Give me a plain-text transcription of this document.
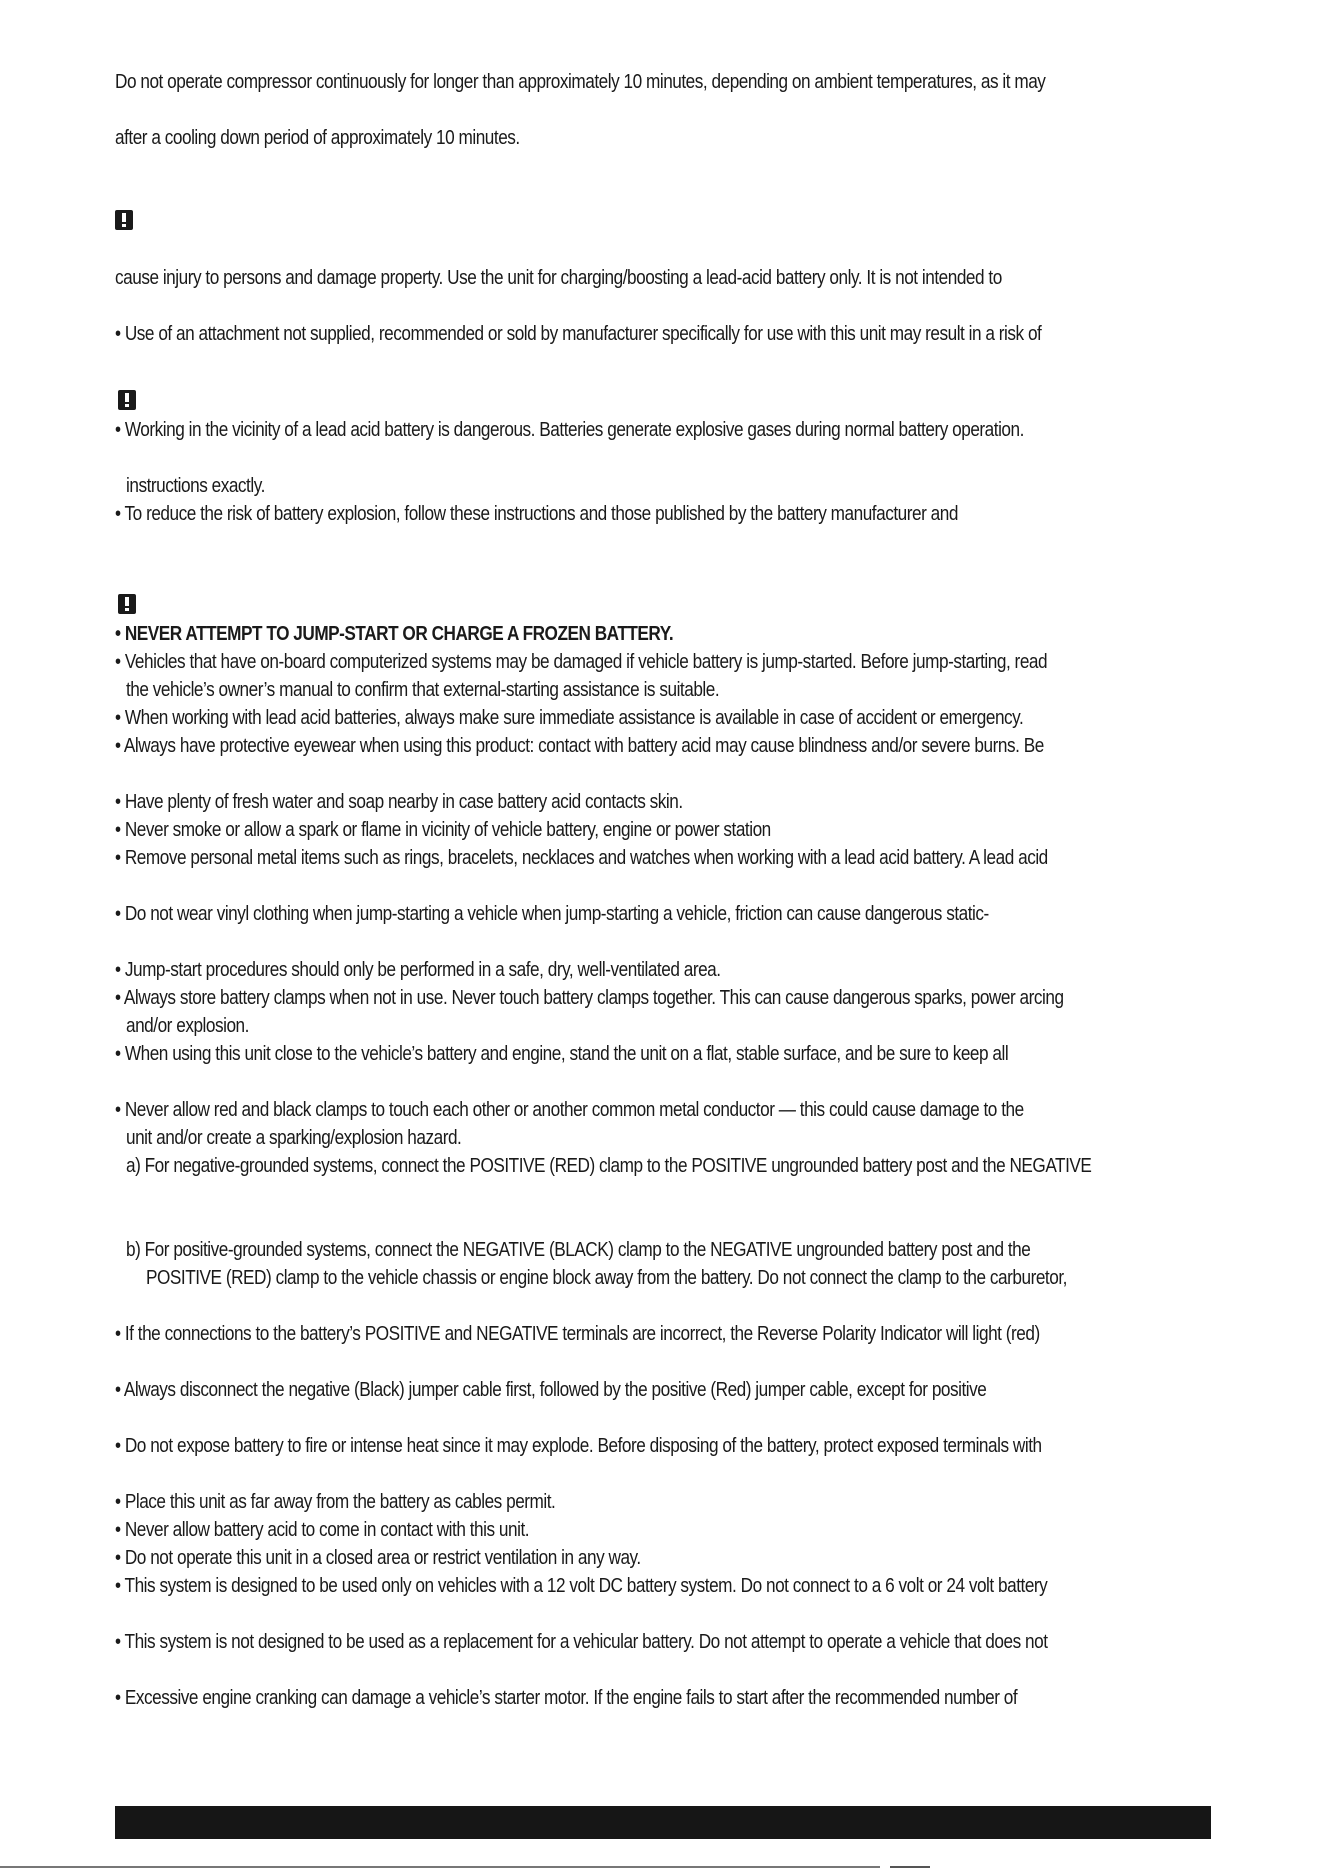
Do not operate compressor continuously for longer than approximately 10 minutes, depending on ambient temperatures, as it may

after a cooling down period of approximately 10 minutes.

cause injury to persons and damage property. Use the unit for charging/boosting a lead-acid battery only. It is not intended to

• Use of an attachment not supplied, recommended or sold by manufacturer specifically for use with this unit may result in a risk of

• Working in the vicinity of a lead acid battery is dangerous. Batteries generate explosive gases during normal battery operation.

instructions exactly.

• To reduce the risk of battery explosion, follow these instructions and those published by the battery manufacturer and

• NEVER ATTEMPT TO JUMP-START OR CHARGE A FROZEN BATTERY.

• Vehicles that have on-board computerized systems may be damaged if vehicle battery is jump-started. Before jump-starting, read

the vehicle’s owner’s manual to confirm that external-starting assistance is suitable.

• When working with lead acid batteries, always make sure immediate assistance is available in case of accident or emergency.

• Always have protective eyewear when using this product: contact with battery acid may cause blindness and/or severe burns. Be

• Have plenty of fresh water and soap nearby in case battery acid contacts skin.

• Never smoke or allow a spark or flame in vicinity of vehicle battery, engine or power station

• Remove personal metal items such as rings, bracelets, necklaces and watches when working with a lead acid battery. A lead acid

• Do not wear vinyl clothing when jump-starting a vehicle when jump-starting a vehicle, friction can cause dangerous static-

• Jump-start procedures should only be performed in a safe, dry, well-ventilated area.

• Always store battery clamps when not in use. Never touch battery clamps together. This can cause dangerous sparks, power arcing

and/or explosion.

• When using this unit close to the vehicle’s battery and engine, stand the unit on a flat, stable surface, and be sure to keep all

• Never allow red and black clamps to touch each other or another common metal conductor — this could cause damage to the

unit and/or create a sparking/explosion hazard.

a) For negative-grounded systems, connect the POSITIVE (RED) clamp to the POSITIVE ungrounded battery post and the NEGATIVE

b) For positive-grounded systems, connect the NEGATIVE (BLACK) clamp to the NEGATIVE ungrounded battery post and the

POSITIVE (RED) clamp to the vehicle chassis or engine block away from the battery. Do not connect the clamp to the carburetor,

• If the connections to the battery’s POSITIVE and NEGATIVE terminals are incorrect, the Reverse Polarity Indicator will light (red)

• Always disconnect the negative (Black) jumper cable first, followed by the positive (Red) jumper cable, except for positive

• Do not expose battery to fire or intense heat since it may explode. Before disposing of the battery, protect exposed terminals with

• Place this unit as far away from the battery as cables permit.

• Never allow battery acid to come in contact with this unit.

• Do not operate this unit in a closed area or restrict ventilation in any way.

• This system is designed to be used only on vehicles with a 12 volt DC battery system. Do not connect to a 6 volt or 24 volt battery

• This system is not designed to be used as a replacement for a vehicular battery. Do not attempt to operate a vehicle that does not

• Excessive engine cranking can damage a vehicle’s starter motor. If the engine fails to start after the recommended number of
